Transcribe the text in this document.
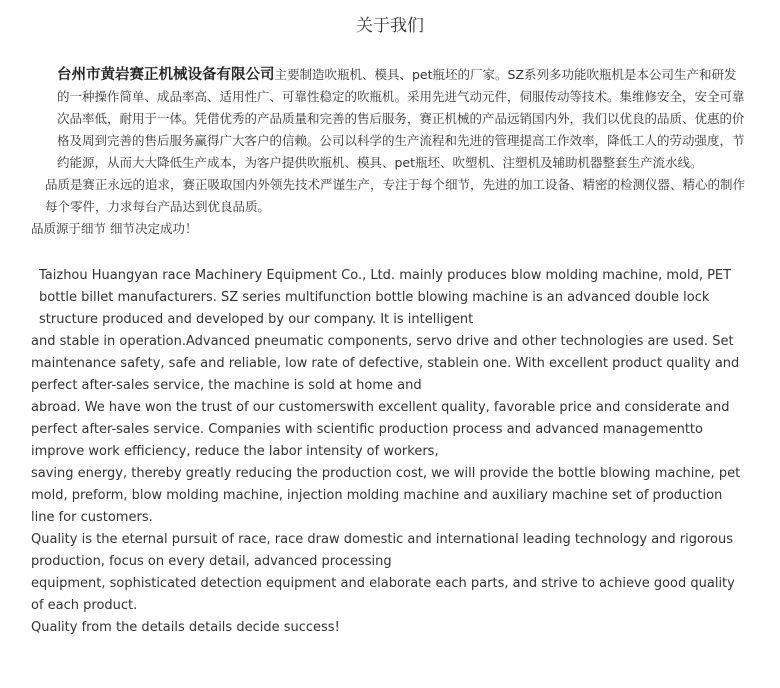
关于我们

台州市黄岩赛正机械设备有限公司主要制造吹瓶机、模具、pet瓶坯的厂家。SZ系列多功能吹瓶机是本公司生产和研发的一种操作简单、成品率高、适用性广、可靠性稳定的吹瓶机。采用先进气动元件，伺服传动等技术。集维修安全，安全可靠次品率低，耐用于一体。凭借优秀的产品质量和完善的售后服务，赛正机械的产品远销国内外，我们以优良的品质、优惠的价格及周到完善的售后服务赢得广大客户的信赖。公司以科学的生产流程和先进的管理提高工作效率，降低工人的劳动强度，节约能源，从而大大降低生产成本，为客户提供吹瓶机、模具、pet瓶坯、吹塑机、注塑机及辅助机器整套生产流水线。

品质是赛正永远的追求，赛正吸取国内外领先技术严谨生产，专注于每个细节，先进的加工设备、精密的检测仪器、精心的制作每个零件，力求每台产品达到优良品质。

品质源于细节 细节决定成功！

Taizhou Huangyan race Machinery Equipment Co., Ltd. mainly produces blow molding machine, mold, PET bottle billet manufacturers. SZ series multifunction bottle blowing machine is an advanced double lock structure produced and developed by our company. It is intelligent

and stable in operation.Advanced pneumatic components, servo drive and other technologies are used. Set maintenance safety, safe and reliable, low rate of defective, stablein one. With excellent product quality and perfect after-sales service, the machine is sold at home and

abroad. We have won the trust of our customerswith excellent quality, favorable price and considerate and perfect after-sales service. Companies with scientific production process and advanced managementto improve work efficiency, reduce the labor intensity of workers,

saving energy, thereby greatly reducing the production cost, we will provide the bottle blowing machine, pet mold, preform, blow molding machine, injection molding machine and auxiliary machine set of production line for customers.

Quality is the eternal pursuit of race, race draw domestic and international leading technology and rigorous production, focus on every detail, advanced processing

equipment, sophisticated detection equipment and elaborate each parts, and strive to achieve good quality of each product.

Quality from the details details decide success!
